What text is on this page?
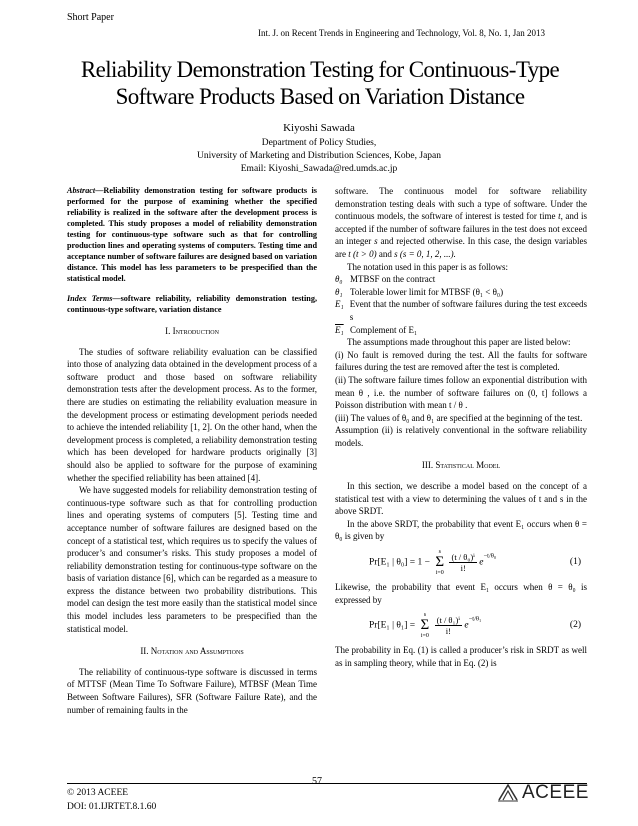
Short Paper
Int. J. on Recent Trends in Engineering and Technology, Vol. 8, No. 1, Jan 2013
Reliability Demonstration Testing for Continuous-Type
Software Products Based on Variation Distance
Kiyoshi Sawada
Department of Policy Studies,
University of Marketing and Distribution Sciences, Kobe, Japan
Email: Kiyoshi_Sawada@red.umds.ac.jp

Abstract—Reliability demonstration testing for software products is performed for the purpose of examining whether the specified reliability is realized in the software after the development process is completed. This study proposes a model of reliability demonstration testing for continuous-type software such as that for controlling production lines and operating systems of computers. Testing time and acceptance number of software failures are designed based on variation distance. This model has less parameters to be prespecified than the statistical model.

Index Terms—software reliability, reliability demonstration testing, continuous-type software, variation distance

I. Introduction

The studies of software reliability evaluation can be classified into those of analyzing data obtained in the development process of a software product and those based on software reliability demonstration tests after the development process. As to the former, there are studies on estimating the reliability evaluation measure in the development process or estimating development periods needed to achieve the intended reliability [1, 2]. On the other hand, when the development process is completed, a reliability demonstration testing which has been developed for hardware products originally [3] should also be applied to software for the purpose of examining whether the specified reliability has been attained [4].

We have suggested models for reliability demonstration testing of continuous-type software such as that for controlling production lines and operating systems of computers [5]. Testing time and acceptance number of software failures are designed based on the concept of a statistical test, which requires us to specify the values of producer’s and consumer’s risks. This study proposes a model of reliability demonstration testing for continuous-type software on the basis of variation distance [6], which can be regarded as a measure to express the distance between two probability distributions. This model can design the test more easily than the statistical model since this model includes less parameters to be prespecified than the statistical model.

II. Notation and Assumptions

The reliability of continuous-type software is discussed in terms of MTTSF (Mean Time To Software Failure), MTBSF (Mean Time Between Software Failures), SFR (Software Failure Rate), and the number of remaining faults in the

software. The continuous model for software reliability demonstration testing deals with such a type of software. Under the continuous models, the software of interest is tested for time t, and is accepted if the number of software failures in the test does not exceed an integer s and rejected otherwise. In this case, the design variables are t (t > 0) and s (s = 0, 1, 2, ...).

The notation used in this paper is as follows:

θ₀ MTBSF on the contract
θ₁ Tolerable lower limit for MTBSF (θ₁ < θ₀)
E₁ Event that the number of software failures during the test exceeds s
E₁ Complement of E₁

The assumptions made throughout this paper are listed below:

(i) No fault is removed during the test. All the faults for software failures during the test are removed after the test is completed.

(ii) The software failure times follow an exponential distribution with mean θ , i.e. the number of software failures on (0, t] follows a Poisson distribution with mean t / θ .

(iii) The values of θ₀ and θ₁ are specified at the beginning of the test.

Assumption (ii) is relatively conventional in the software reliability models.

III. Statistical Model

In this section, we describe a model based on the concept of a statistical test with a view to determining the values of t and s in the above SRDT.

In the above SRDT, the probability that event E₁ occurs when θ = θ₀ is given by

Pr[E₁ | θ₀] = 1 −
s
Σ
i=0
$\frac{\text{(t / θ₀)ⁱ}}{i!} e^{-t/\theta_0}$
(1)

Likewise, the probability that event E₁ occurs when θ = θ₀ is expressed by

Pr[E₁ | θ₁] =
s
Σ
i=0
$\frac{\text{(t / θ₁)ⁱ}}{i!} e^{-t/\theta_1}$
(2)

The probability in Eq. (1) is called a producer’s risk in SRDT as well as in sampling theory, while that in Eq. (2) is

57
© 2013 ACEEE
DOI: 01.IJRTET.8.1.60
ACEEE
